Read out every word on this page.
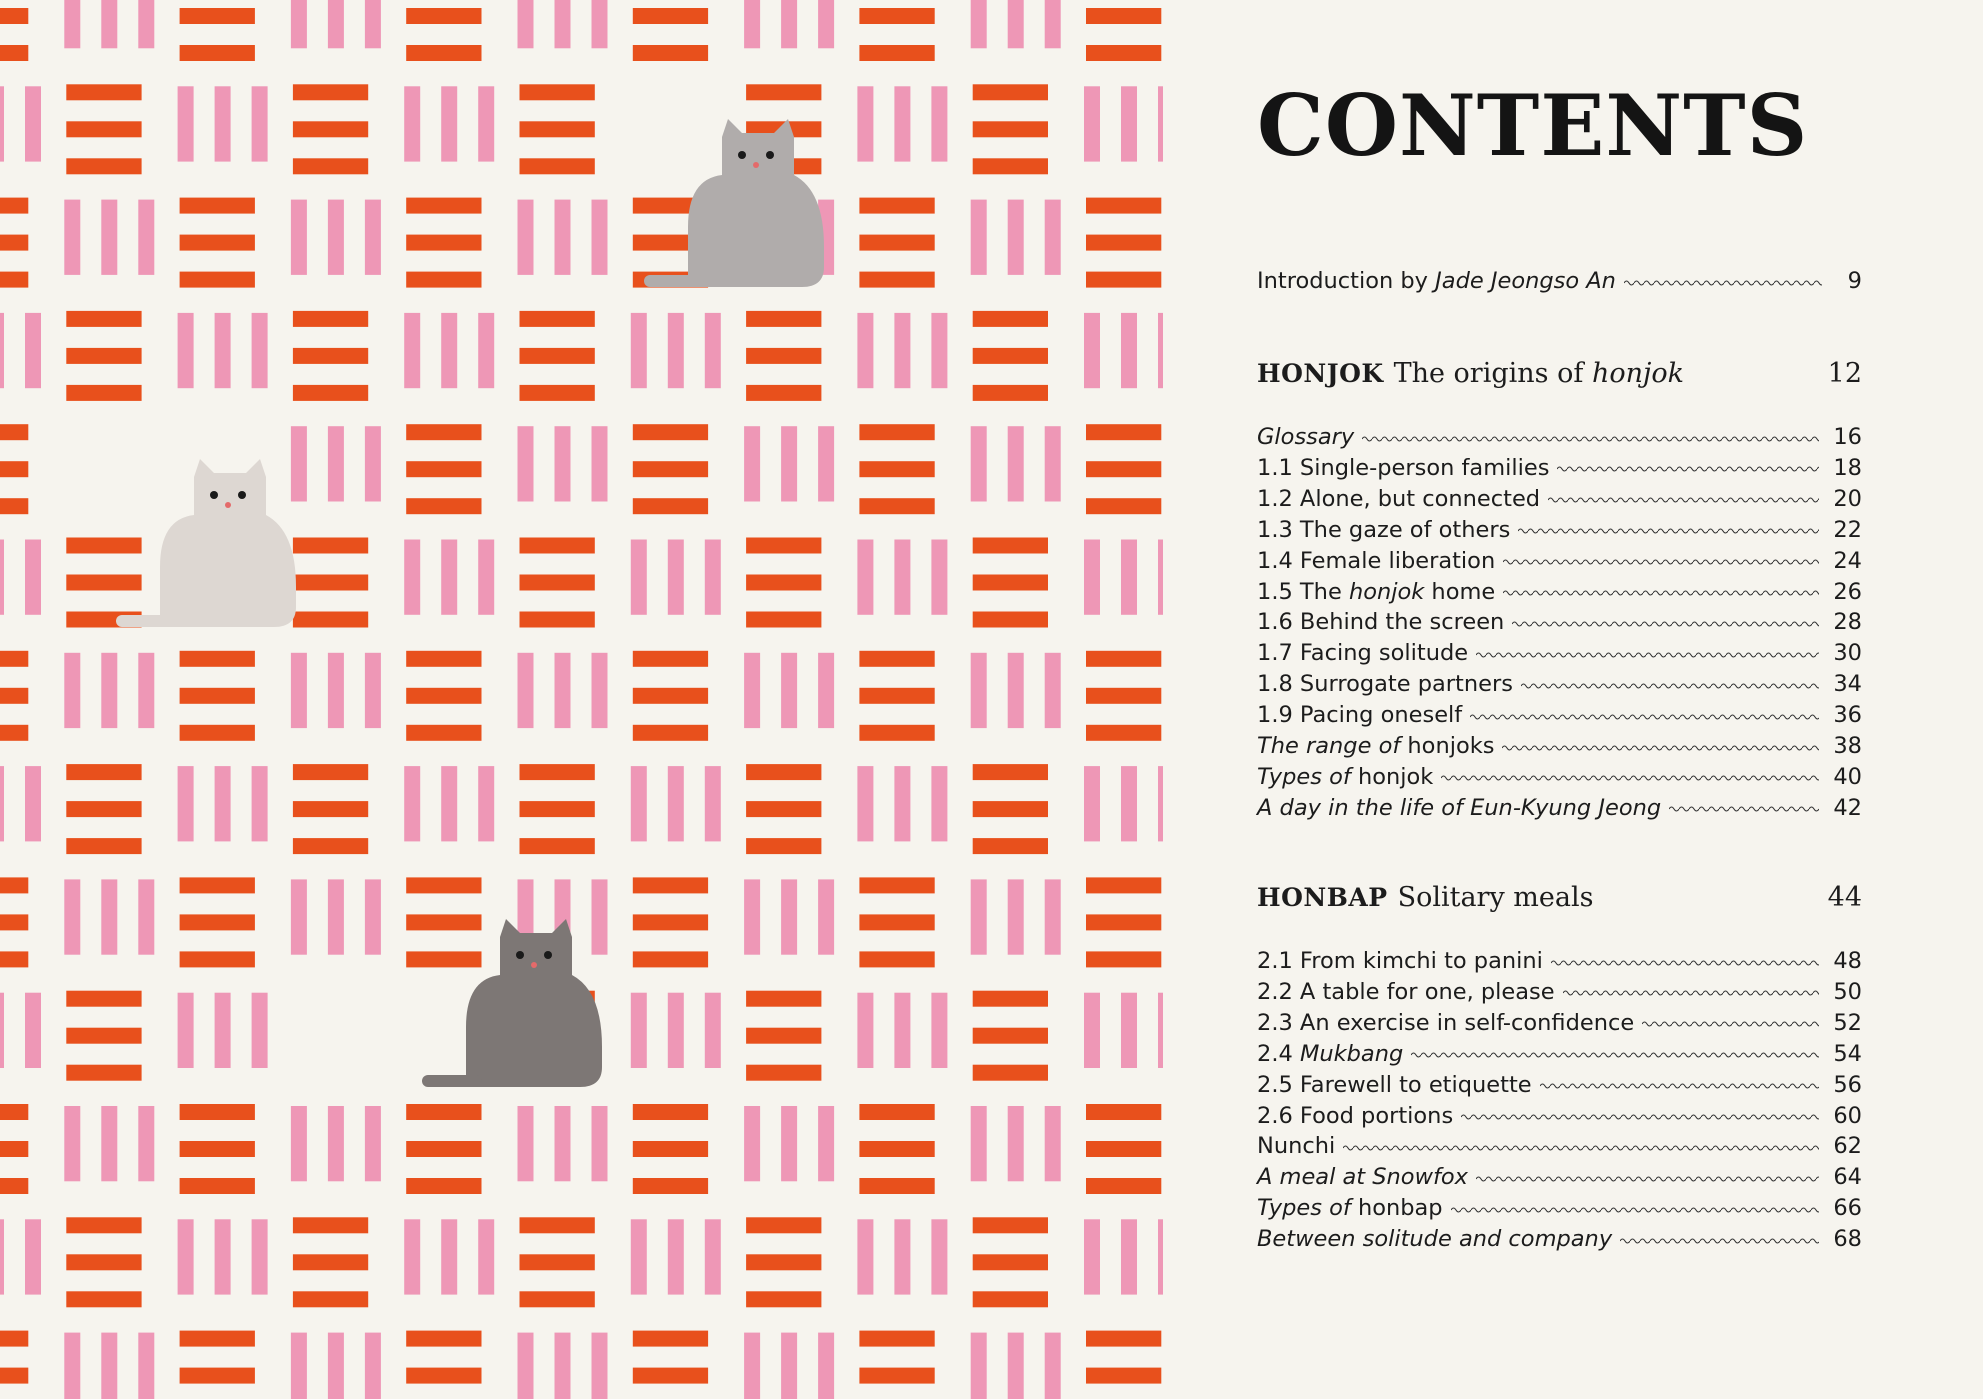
CONTENTS
Introduction by Jade Jeongso An	9
HONJOK The origins of honjok	12
Glossary	16
1.1 Single-person families	18
1.2 Alone, but connected	20
1.3 The gaze of others	22
1.4 Female liberation	24
1.5 The honjok home	26
1.6 Behind the screen	28
1.7 Facing solitude	30
1.8 Surrogate partners	34
1.9 Pacing oneself	36
The range of honjoks	38
Types of honjok	40
A day in the life of Eun-Kyung Jeong	42
HONBAP Solitary meals	44
2.1 From kimchi to panini	48
2.2 A table for one, please	50
2.3 An exercise in self-confidence	52
2.4 Mukbang	54
2.5 Farewell to etiquette	56
2.6 Food portions	60
Nunchi	62
A meal at Snowfox	64
Types of honbap	66
Between solitude and company	68
